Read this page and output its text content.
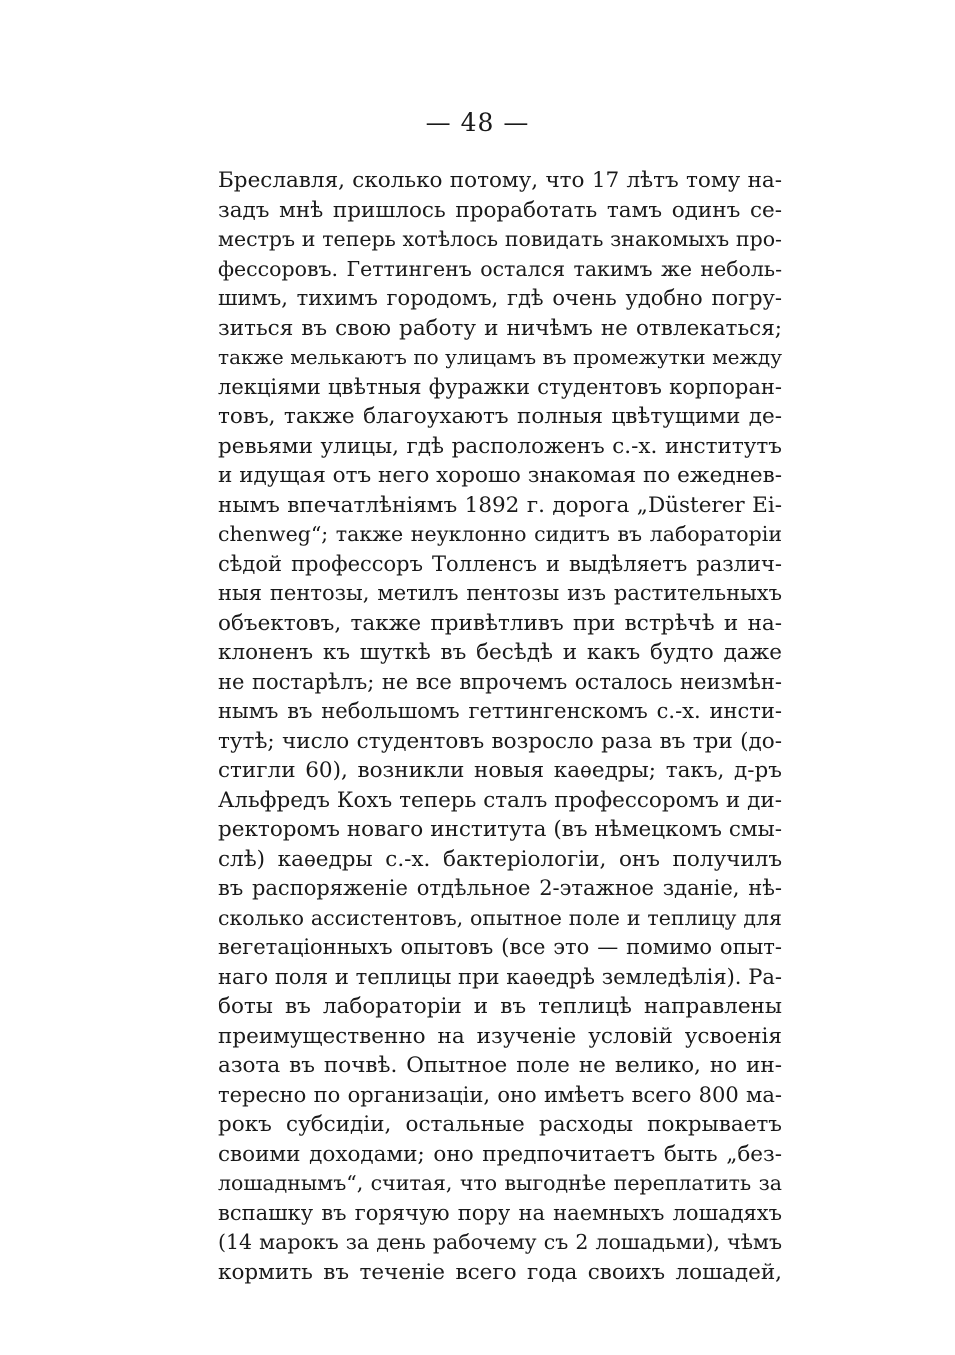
— 48 —
Бреславля, сколько потому, что 17 лѣтъ тому на-
задъ мнѣ пришлось проработать тамъ одинъ се-
местръ и теперь хотѣлось повидать знакомыхъ про-
фессоровъ. Геттингенъ остался такимъ же неболь-
шимъ, тихимъ городомъ, гдѣ очень удобно погру-
зиться въ свою работу и ничѣмъ не отвлекаться;
также мелькаютъ по улицамъ въ промежутки между
лекціями цвѣтныя фуражки студентовъ корпоран-
товъ, также благоухаютъ полныя цвѣтущими де-
ревьями улицы, гдѣ расположенъ с.-х. институтъ
и идущая отъ него хорошо знакомая по ежеднев-
нымъ впечатлѣніямъ 1892 г. дорога „Düsterer Ei-
chenweg“; также неуклонно сидитъ въ лабораторіи
сѣдой профессоръ Толленсъ и выдѣляетъ различ-
ныя пентозы, метилъ пентозы изъ растительныхъ
объектовъ, также привѣтливъ при встрѣчѣ и на-
клоненъ къ шуткѣ въ бесѣдѣ и какъ будто даже
не постарѣлъ; не все впрочемъ осталось неизмѣн-
нымъ въ небольшомъ геттингенскомъ с.-х. инсти-
тутѣ; число студентовъ возросло раза въ три (до-
стигли 60), возникли новыя каѳедры; такъ, д-ръ
Альфредъ Кохъ теперь сталъ профессоромъ и ди-
ректоромъ новаго института (въ нѣмецкомъ смы-
слѣ) каѳедры с.-х. бактеріологіи, онъ получилъ
въ распоряженіе отдѣльное 2-этажное зданіе, нѣ-
сколько ассистентовъ, опытное поле и теплицу для
вегетаціонныхъ опытовъ (все это — помимо опыт-
наго поля и теплицы при каѳедрѣ земледѣлія). Ра-
боты въ лабораторіи и въ теплицѣ направлены
преимущественно на изученіе условій усвоенія
азота въ почвѣ. Опытное поле не велико, но ин-
тересно по организаціи, оно имѣетъ всего 800 ма-
рокъ субсидіи, остальные расходы покрываетъ
своими доходами; оно предпочитаетъ быть „без-
лошаднымъ“, считая, что выгоднѣе переплатить за
вспашку въ горячую пору на наемныхъ лошадяхъ
(14 марокъ за день рабочему съ 2 лошадьми), чѣмъ
кормить въ теченіе всего года своихъ лошадей,
